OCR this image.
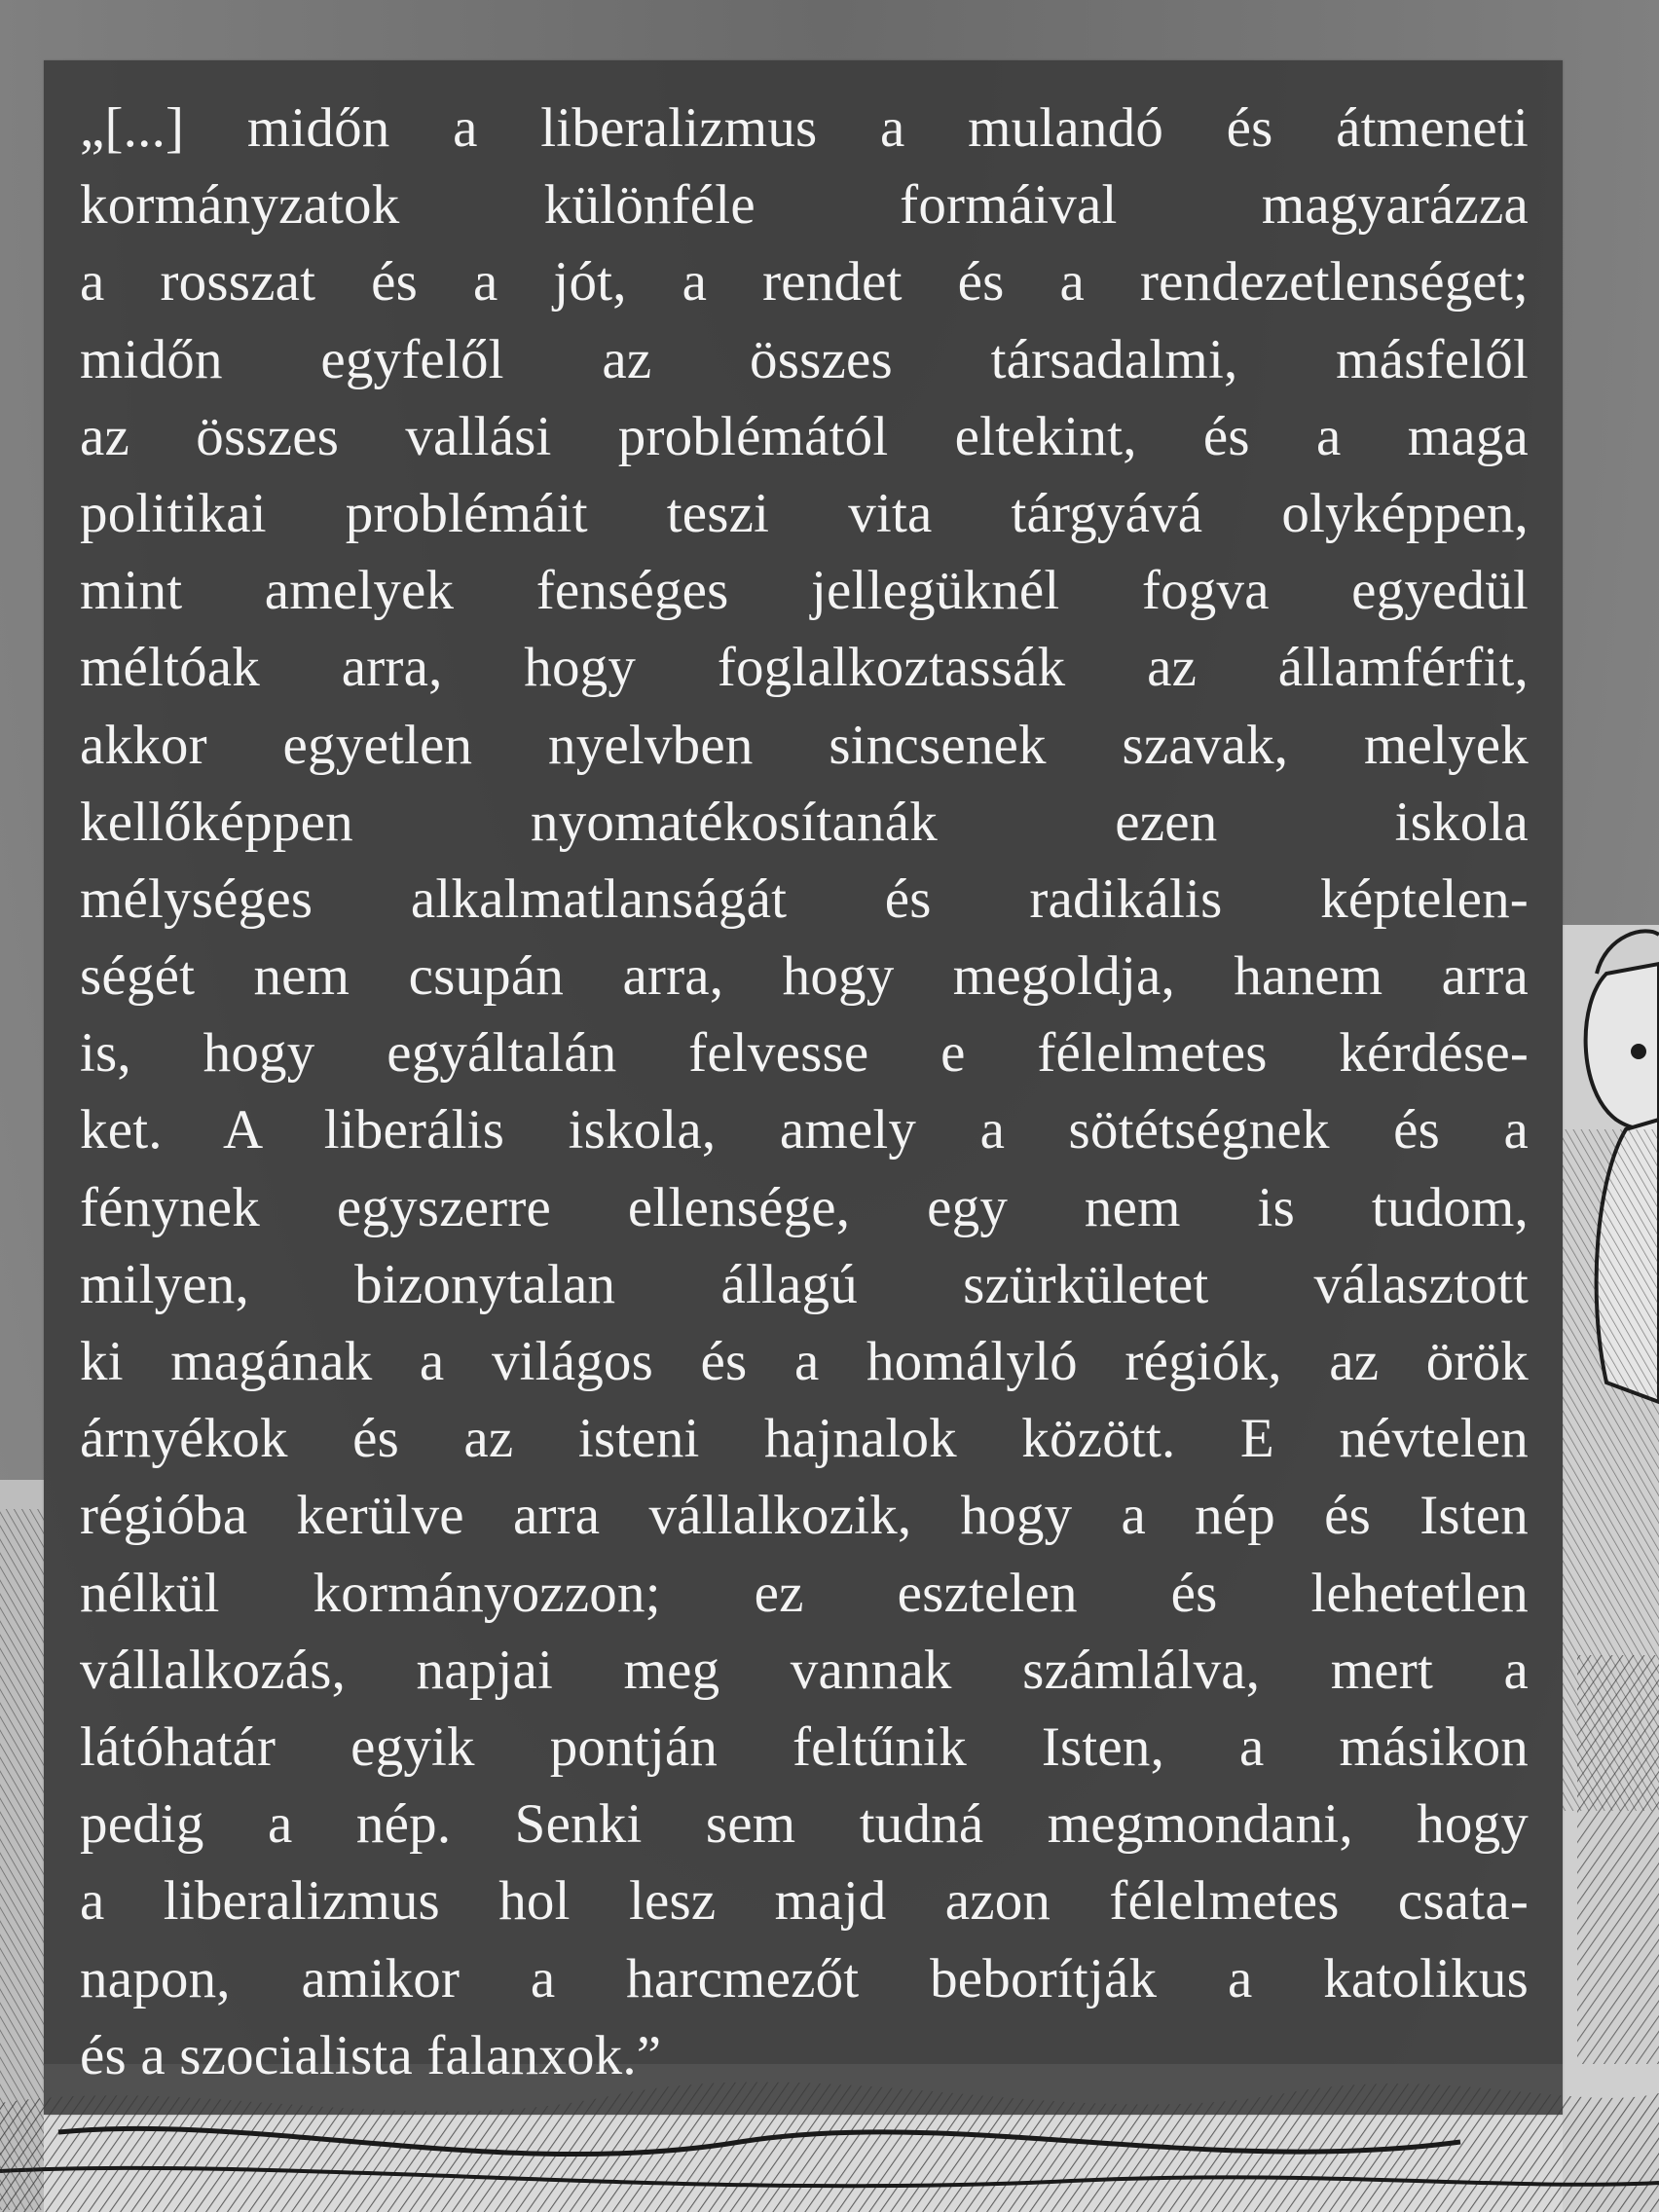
„[...] midőn a liberalizmus a mulandó és átmeneti
kormányzatok különféle formáival magyarázza
a rosszat és a jót, a rendet és a rendezetlenséget;
midőn egyfelől az összes társadalmi, másfelől
az összes vallási problémától eltekint, és a maga
politikai problémáit teszi vita tárgyává olyképpen,
mint amelyek fenséges jellegüknél fogva egyedül
méltóak arra, hogy foglalkoztassák az államférfit,
akkor egyetlen nyelvben sincsenek szavak, melyek
kellőképpen nyomatékosítanák ezen iskola
mélységes alkalmatlanságát és radikális képtelen-
ségét nem csupán arra, hogy megoldja, hanem arra
is, hogy egyáltalán felvesse e félelmetes kérdése-
ket. A liberális iskola, amely a sötétségnek és a
fénynek egyszerre ellensége, egy nem is tudom,
milyen, bizonytalan állagú szürkületet választott
ki magának a világos és a homályló régiók, az örök
árnyékok és az isteni hajnalok között. E névtelen
régióba kerülve arra vállalkozik, hogy a nép és Isten
nélkül kormányozzon; ez esztelen és lehetetlen
vállalkozás, napjai meg vannak számlálva, mert a
látóhatár egyik pontján feltűnik Isten, a másikon
pedig a nép. Senki sem tudná megmondani, hogy
a liberalizmus hol lesz majd azon félelmetes csata-
napon, amikor a harcmezőt beborítják a katolikus
és a szocialista falanxok.”
